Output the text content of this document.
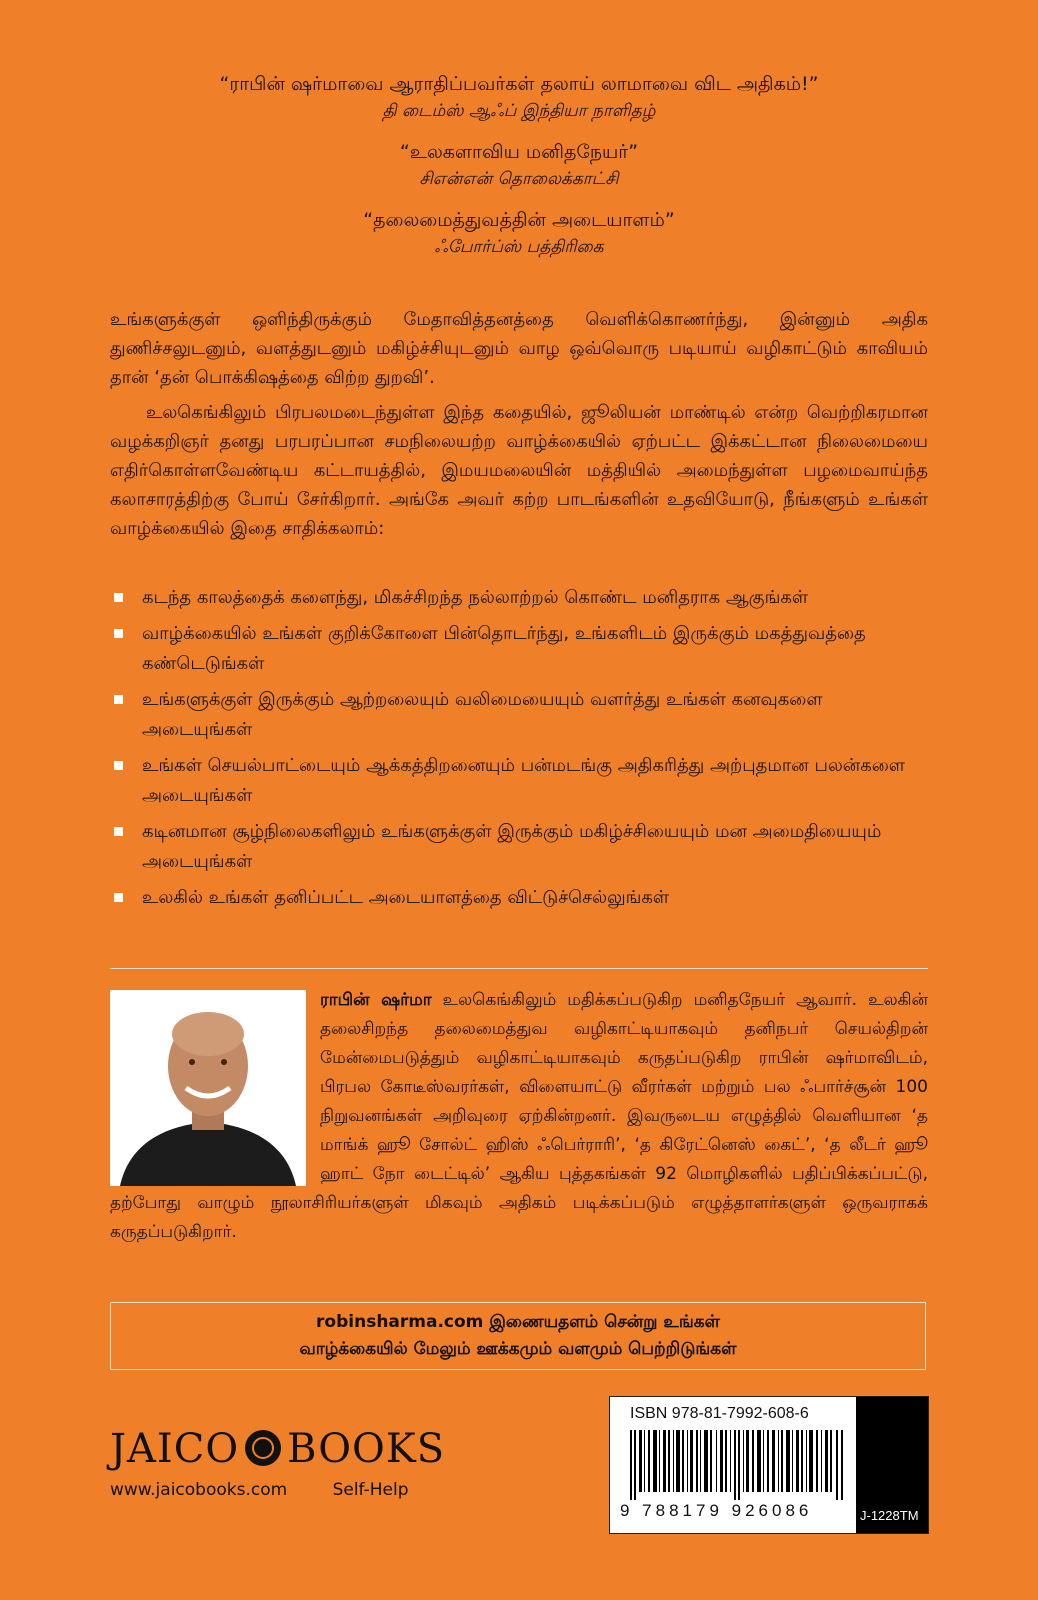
“ராபின் ஷர்மாவை ஆராதிப்பவர்கள் தலாய் லாமாவை விட அதிகம்!”
தி டைம்ஸ் ஆஃப் இந்தியா நாளிதழ்
“உலகளாவிய மனிதநேயர்”
சிஎன்என் தொலைக்காட்சி
“தலைமைத்துவத்தின் அடையாளம்”
ஃபோர்ப்ஸ் பத்திரிகை

உங்களுக்குள் ஒளிந்திருக்கும் மேதாவித்தனத்தை வெளிக்கொணர்ந்து, இன்னும் அதிக துணிச்சலுடனும், வளத்துடனும் மகிழ்ச்சியுடனும் வாழ ஒவ்வொரு படியாய் வழிகாட்டும் காவியம் தான் ‘தன் பொக்கிஷத்தை விற்ற துறவி’.

உலகெங்கிலும் பிரபலமடைந்துள்ள இந்த கதையில், ஜூலியன் மாண்டில் என்ற வெற்றிகரமான வழக்கறிஞர் தனது பரபரப்பான சமநிலையற்ற வாழ்க்கையில் ஏற்பட்ட இக்கட்டான நிலைமையை எதிர்கொள்ளவேண்டிய கட்டாயத்தில், இமயமலையின் மத்தியில் அமைந்துள்ள பழமைவாய்ந்த கலாசாரத்திற்கு போய் சேர்கிறார். அங்கே அவர் கற்ற பாடங்களின் உதவியோடு, நீங்களும் உங்கள் வாழ்க்கையில் இதை சாதிக்கலாம்:

கடந்த காலத்தைக் களைந்து, மிகச்சிறந்த நல்லாற்றல் கொண்ட மனிதராக ஆகுங்கள்
வாழ்க்கையில் உங்கள் குறிக்கோளை பின்தொடர்ந்து, உங்களிடம் இருக்கும் மகத்துவத்தை கண்டெடுங்கள்
உங்களுக்குள் இருக்கும் ஆற்றலையும் வலிமையையும் வளர்த்து உங்கள் கனவுகளை அடையுங்கள்
உங்கள் செயல்பாட்டையும் ஆக்கத்திறனையும் பன்மடங்கு அதிகரித்து அற்புதமான பலன்களை அடையுங்கள்
கடினமான சூழ்நிலைகளிலும் உங்களுக்குள் இருக்கும் மகிழ்ச்சியையும் மன அமைதியையும் அடையுங்கள்
உலகில் உங்கள் தனிப்பட்ட அடையாளத்தை விட்டுச்செல்லுங்கள்
ராபின் ஷர்மா உலகெங்கிலும் மதிக்கப்படுகிற மனிதநேயர் ஆவார். உலகின் தலைசிறந்த தலைமைத்துவ வழிகாட்டியாகவும் தனிநபர் செயல்திறன் மேன்மைபடுத்தும் வழிகாட்டியாகவும் கருதப்படுகிற ராபின் ஷர்மாவிடம், பிரபல கோடீஸ்வரர்கள், விளையாட்டு வீரர்கள் மற்றும் பல ஃபார்ச்சூன் 100 நிறுவனங்கள் அறிவுரை ஏற்கின்றனர். இவருடைய எழுத்தில் வெளியான ‘த மாங்க் ஹூ சோல்ட் ஹிஸ் ஃபெர்ராரி’, ‘த கிரேட்னெஸ் கைட்’, ‘த லீடர் ஹூ ஹாட் நோ டைட்டில்’ ஆகிய புத்தகங்கள் 92 மொழிகளில் பதிப்பிக்கப்பட்டு, தற்போது வாழும் நூலாசிரியர்களுள் மிகவும் அதிகம் படிக்கப்படும் எழுத்தாளர்களுள் ஒருவராகக் கருதப்படுகிறார்.
robinsharma.com இணையதளம் சென்று உங்கள்
வாழ்க்கையில் மேலும் ஊக்கமும் வளமும் பெற்றிடுங்கள்
JAICO BOOKS
www.jaicobooks.com	Self-Help
ISBN 978-81-7992-608-6
9 788179 926086	J-1228TM
